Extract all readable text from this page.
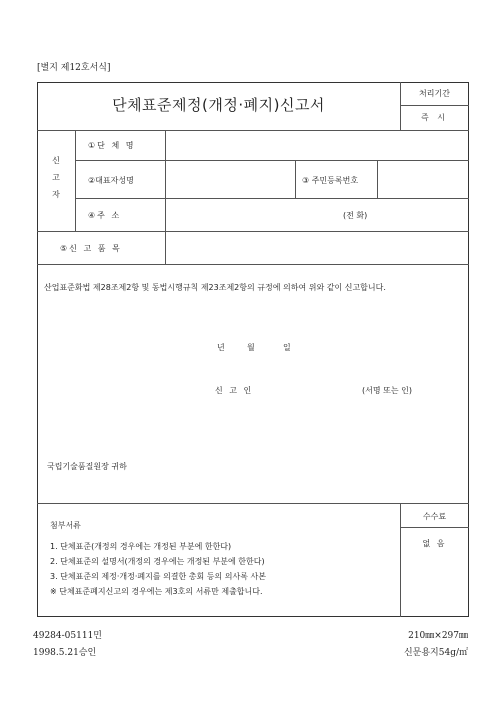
[별지 제12호서식]
단체표준제정(개정·폐지)신고서
처리기간
즉 시
신
고
자
①단 체 명
②대표자성명	③ 주민등록번호
④주 소	(전 화)
⑤신 고 품 목
산업표준화법 제28조제2항 및 동법시행규칙 제23조제2항의 규정에 의하여 위와 같이 신고합니다.
년	월	일
신 고 인	(서명 또는 인)
국립기술품질원장 귀하
첨부서류
1. 단체표준(개정의 경우에는 개정된 부분에 한한다)
2. 단체표준의 설명서(개정의 경우에는 개정된 부분에 한한다)
3. 단체표준의 제정·개정·폐지를 의결한 총회 등의 의사록 사본
※ 단체표준폐지신고의 경우에는 제3호의 서류만 제출합니다.
수수료
없 음
49284-05111민
1998.5.21승인
210㎜×297㎜
신문용지54g/㎡
